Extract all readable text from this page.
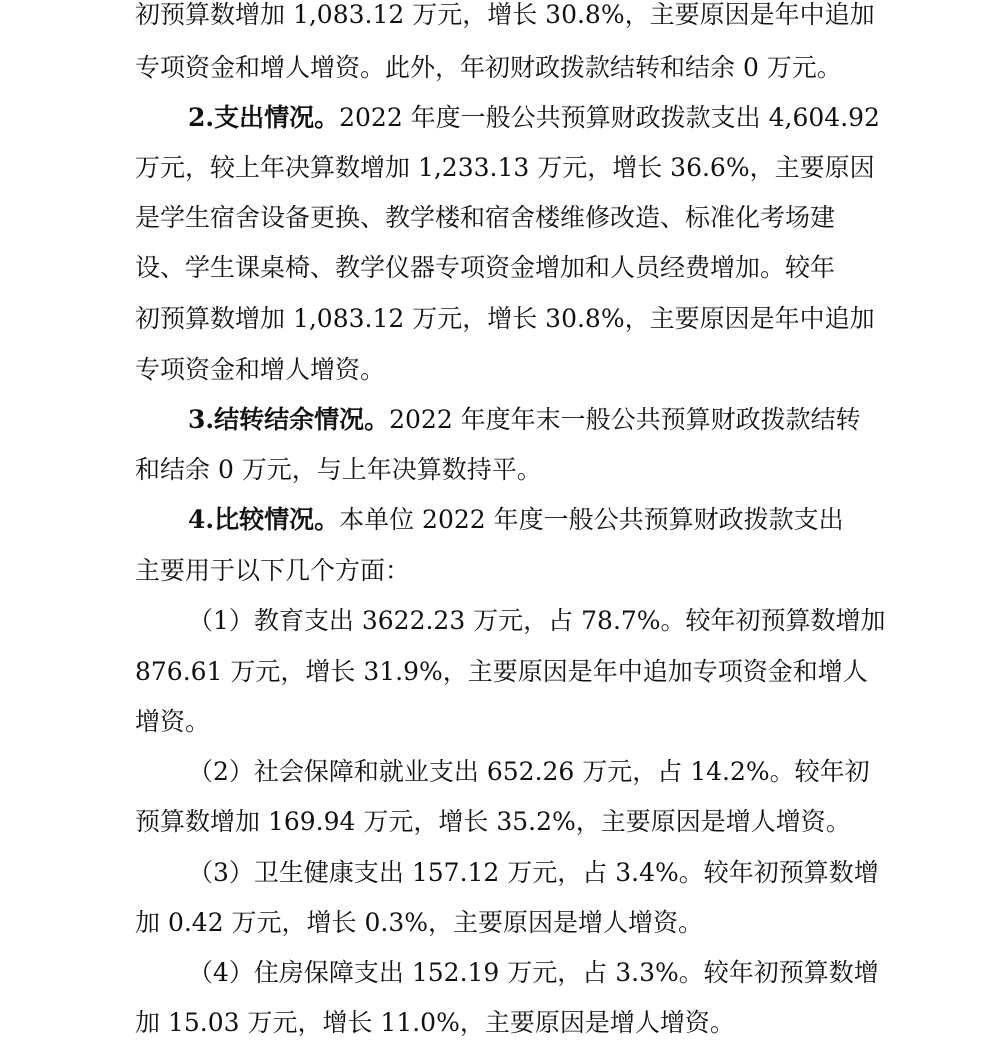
初预算数增加 1,083.12 万元，增长 30.8%，主要原因是年中追加
专项资金和增人增资。此外，年初财政拨款结转和结余 0 万元。
2.支出情况。2022 年度一般公共预算财政拨款支出 4,604.92
万元，较上年决算数增加 1,233.13 万元，增长 36.6%，主要原因
是学生宿舍设备更换、教学楼和宿舍楼维修改造、标准化考场建
设、学生课桌椅、教学仪器专项资金增加和人员经费增加。较年
初预算数增加 1,083.12 万元，增长 30.8%，主要原因是年中追加
专项资金和增人增资。
3.结转结余情况。2022 年度年末一般公共预算财政拨款结转
和结余 0 万元，与上年决算数持平。
4.比较情况。本单位 2022 年度一般公共预算财政拨款支出
主要用于以下几个方面：
（1）教育支出 3622.23 万元，占 78.7%。较年初预算数增加
876.61 万元，增长 31.9%，主要原因是年中追加专项资金和增人
增资。
（2）社会保障和就业支出 652.26 万元，占 14.2%。较年初
预算数增加 169.94 万元，增长 35.2%，主要原因是增人增资。
（3）卫生健康支出 157.12 万元，占 3.4%。较年初预算数增
加 0.42 万元，增长 0.3%，主要原因是增人增资。
（4）住房保障支出 152.19 万元，占 3.3%。较年初预算数增
加 15.03 万元，增长 11.0%，主要原因是增人增资。
